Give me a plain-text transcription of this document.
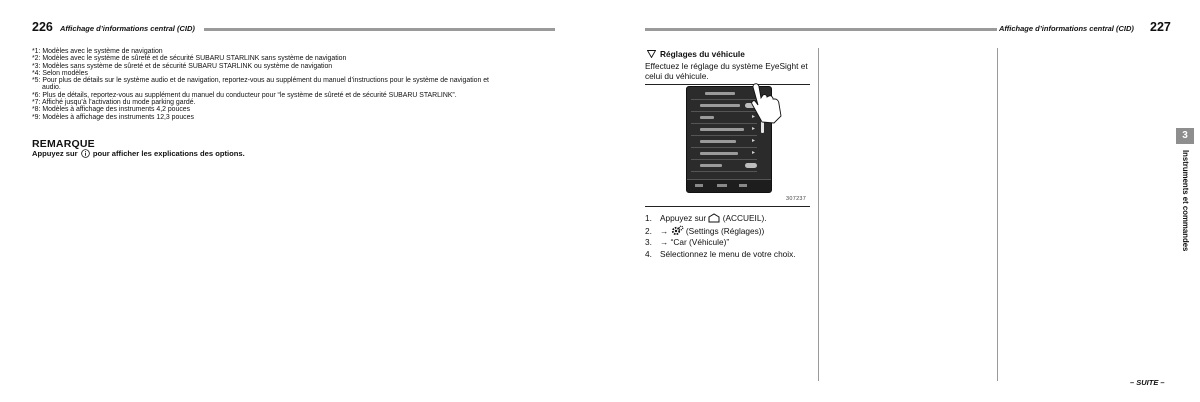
226 Affichage d’informations central (CID)
*1: Modèles avec le système de navigation
*2: Modèles avec le système de sûreté et de sécurité SUBARU STARLINK sans système de navigation
*3: Modèles sans système de sûreté et de sécurité SUBARU STARLINK ou système de navigation
*4: Selon modèles
*5: Pour plus de détails sur le système audio et de navigation, reportez-vous au supplément du manuel d’instructions pour le système de navigation et
audio.
*6: Plus de détails, reportez-vous au supplément du manuel du conducteur pour “le système de sûreté et de sécurité SUBARU STARLINK”.
*7: Affiché jusqu’à l’activation du mode parking gardé.
*8: Modèles à affichage des instruments 4,2 pouces
*9: Modèles à affichage des instruments 12,3 pouces
REMARQUE
Appuyez sur pour afficher les explications des options.
Affichage d’informations central (CID) 227
Réglages du véhicule
Effectuez le réglage du système EyeSight et celui du véhicule.
▸
▸
▸
▸
307237
1. Appuyez sur (ACCUEIL).
2. → (Settings (Réglages))
3. → “Car (Véhicule)”
4. Sélectionnez le menu de votre choix.
3
Instruments et commandes
– SUITE –
